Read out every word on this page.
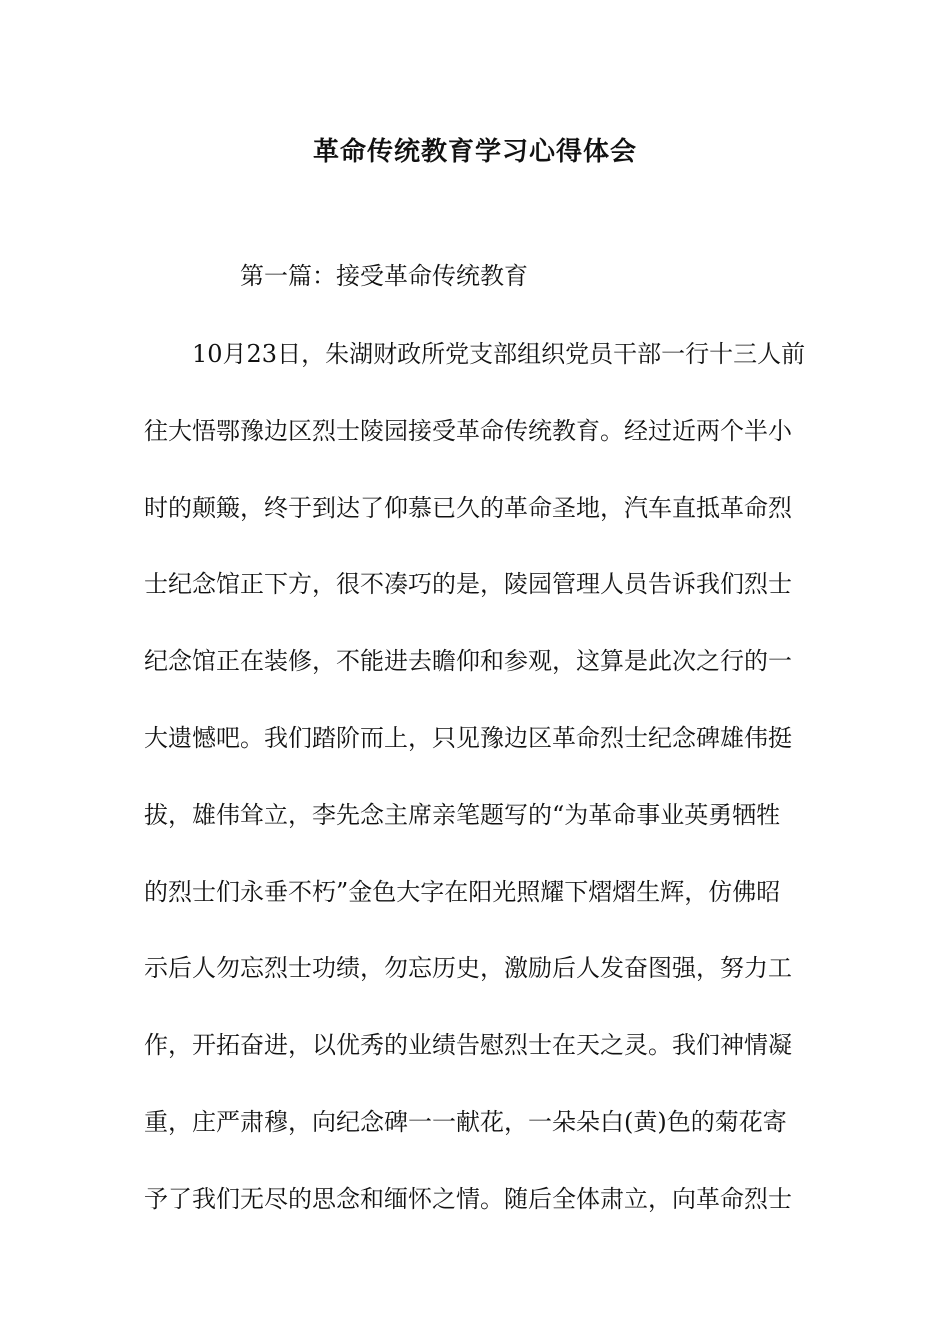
革命传统教育学习心得体会

第一篇：接受革命传统教育

10月23日，朱湖财政所党支部组织党员干部一行十三人前
往大悟鄂豫边区烈士陵园接受革命传统教育。经过近两个半小
时的颠簸，终于到达了仰慕已久的革命圣地，汽车直抵革命烈
士纪念馆正下方，很不凑巧的是，陵园管理人员告诉我们烈士
纪念馆正在装修，不能进去瞻仰和参观，这算是此次之行的一
大遗憾吧。我们踏阶而上，只见豫边区革命烈士纪念碑雄伟挺
拔，雄伟耸立，李先念主席亲笔题写的“为革命事业英勇牺牲
的烈士们永垂不朽”金色大字在阳光照耀下熠熠生辉，仿佛昭
示后人勿忘烈士功绩，勿忘历史，激励后人发奋图强，努力工
作，开拓奋进，以优秀的业绩告慰烈士在天之灵。我们神情凝
重，庄严肃穆，向纪念碑一一献花，一朵朵白(黄)色的菊花寄
予了我们无尽的思念和缅怀之情。随后全体肃立，向革命烈士
